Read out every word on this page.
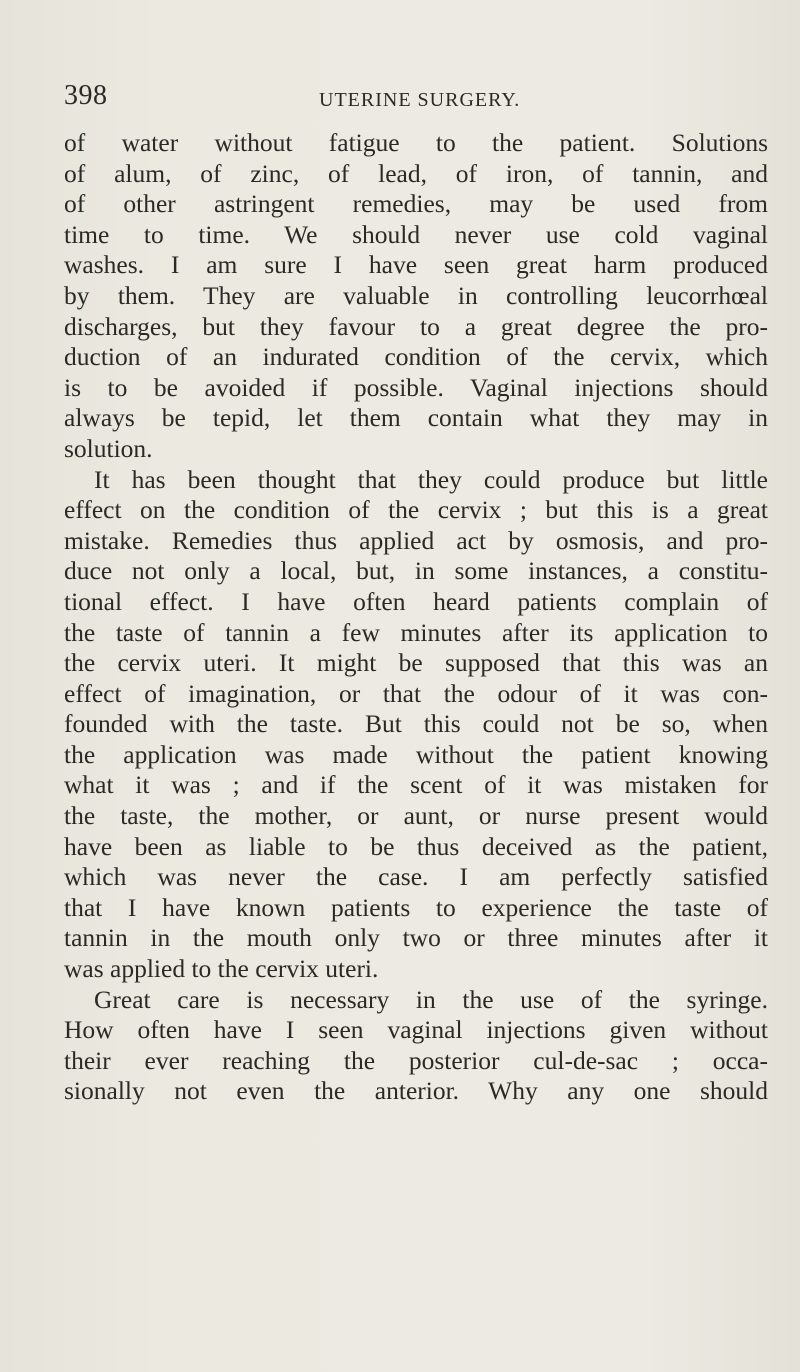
398	UTERINE SURGERY.
of water without fatigue to the patient. Solutions
of alum, of zinc, of lead, of iron, of tannin, and
of other astringent remedies, may be used from
time to time. We should never use cold vaginal
washes. I am sure I have seen great harm produced
by them. They are valuable in controlling leucorrhœal
discharges, but they favour to a great degree the pro-
duction of an indurated condition of the cervix, which
is to be avoided if possible. Vaginal injections should
always be tepid, let them contain what they may in
solution.
It has been thought that they could produce but little
effect on the condition of the cervix ; but this is a great
mistake. Remedies thus applied act by osmosis, and pro-
duce not only a local, but, in some instances, a constitu-
tional effect. I have often heard patients complain of
the taste of tannin a few minutes after its application to
the cervix uteri. It might be supposed that this was an
effect of imagination, or that the odour of it was con-
founded with the taste. But this could not be so, when
the application was made without the patient knowing
what it was ; and if the scent of it was mistaken for
the taste, the mother, or aunt, or nurse present would
have been as liable to be thus deceived as the patient,
which was never the case. I am perfectly satisfied
that I have known patients to experience the taste of
tannin in the mouth only two or three minutes after it
was applied to the cervix uteri.
Great care is necessary in the use of the syringe.
How often have I seen vaginal injections given without
their ever reaching the posterior cul-de-sac ; occa-
sionally not even the anterior. Why any one should
